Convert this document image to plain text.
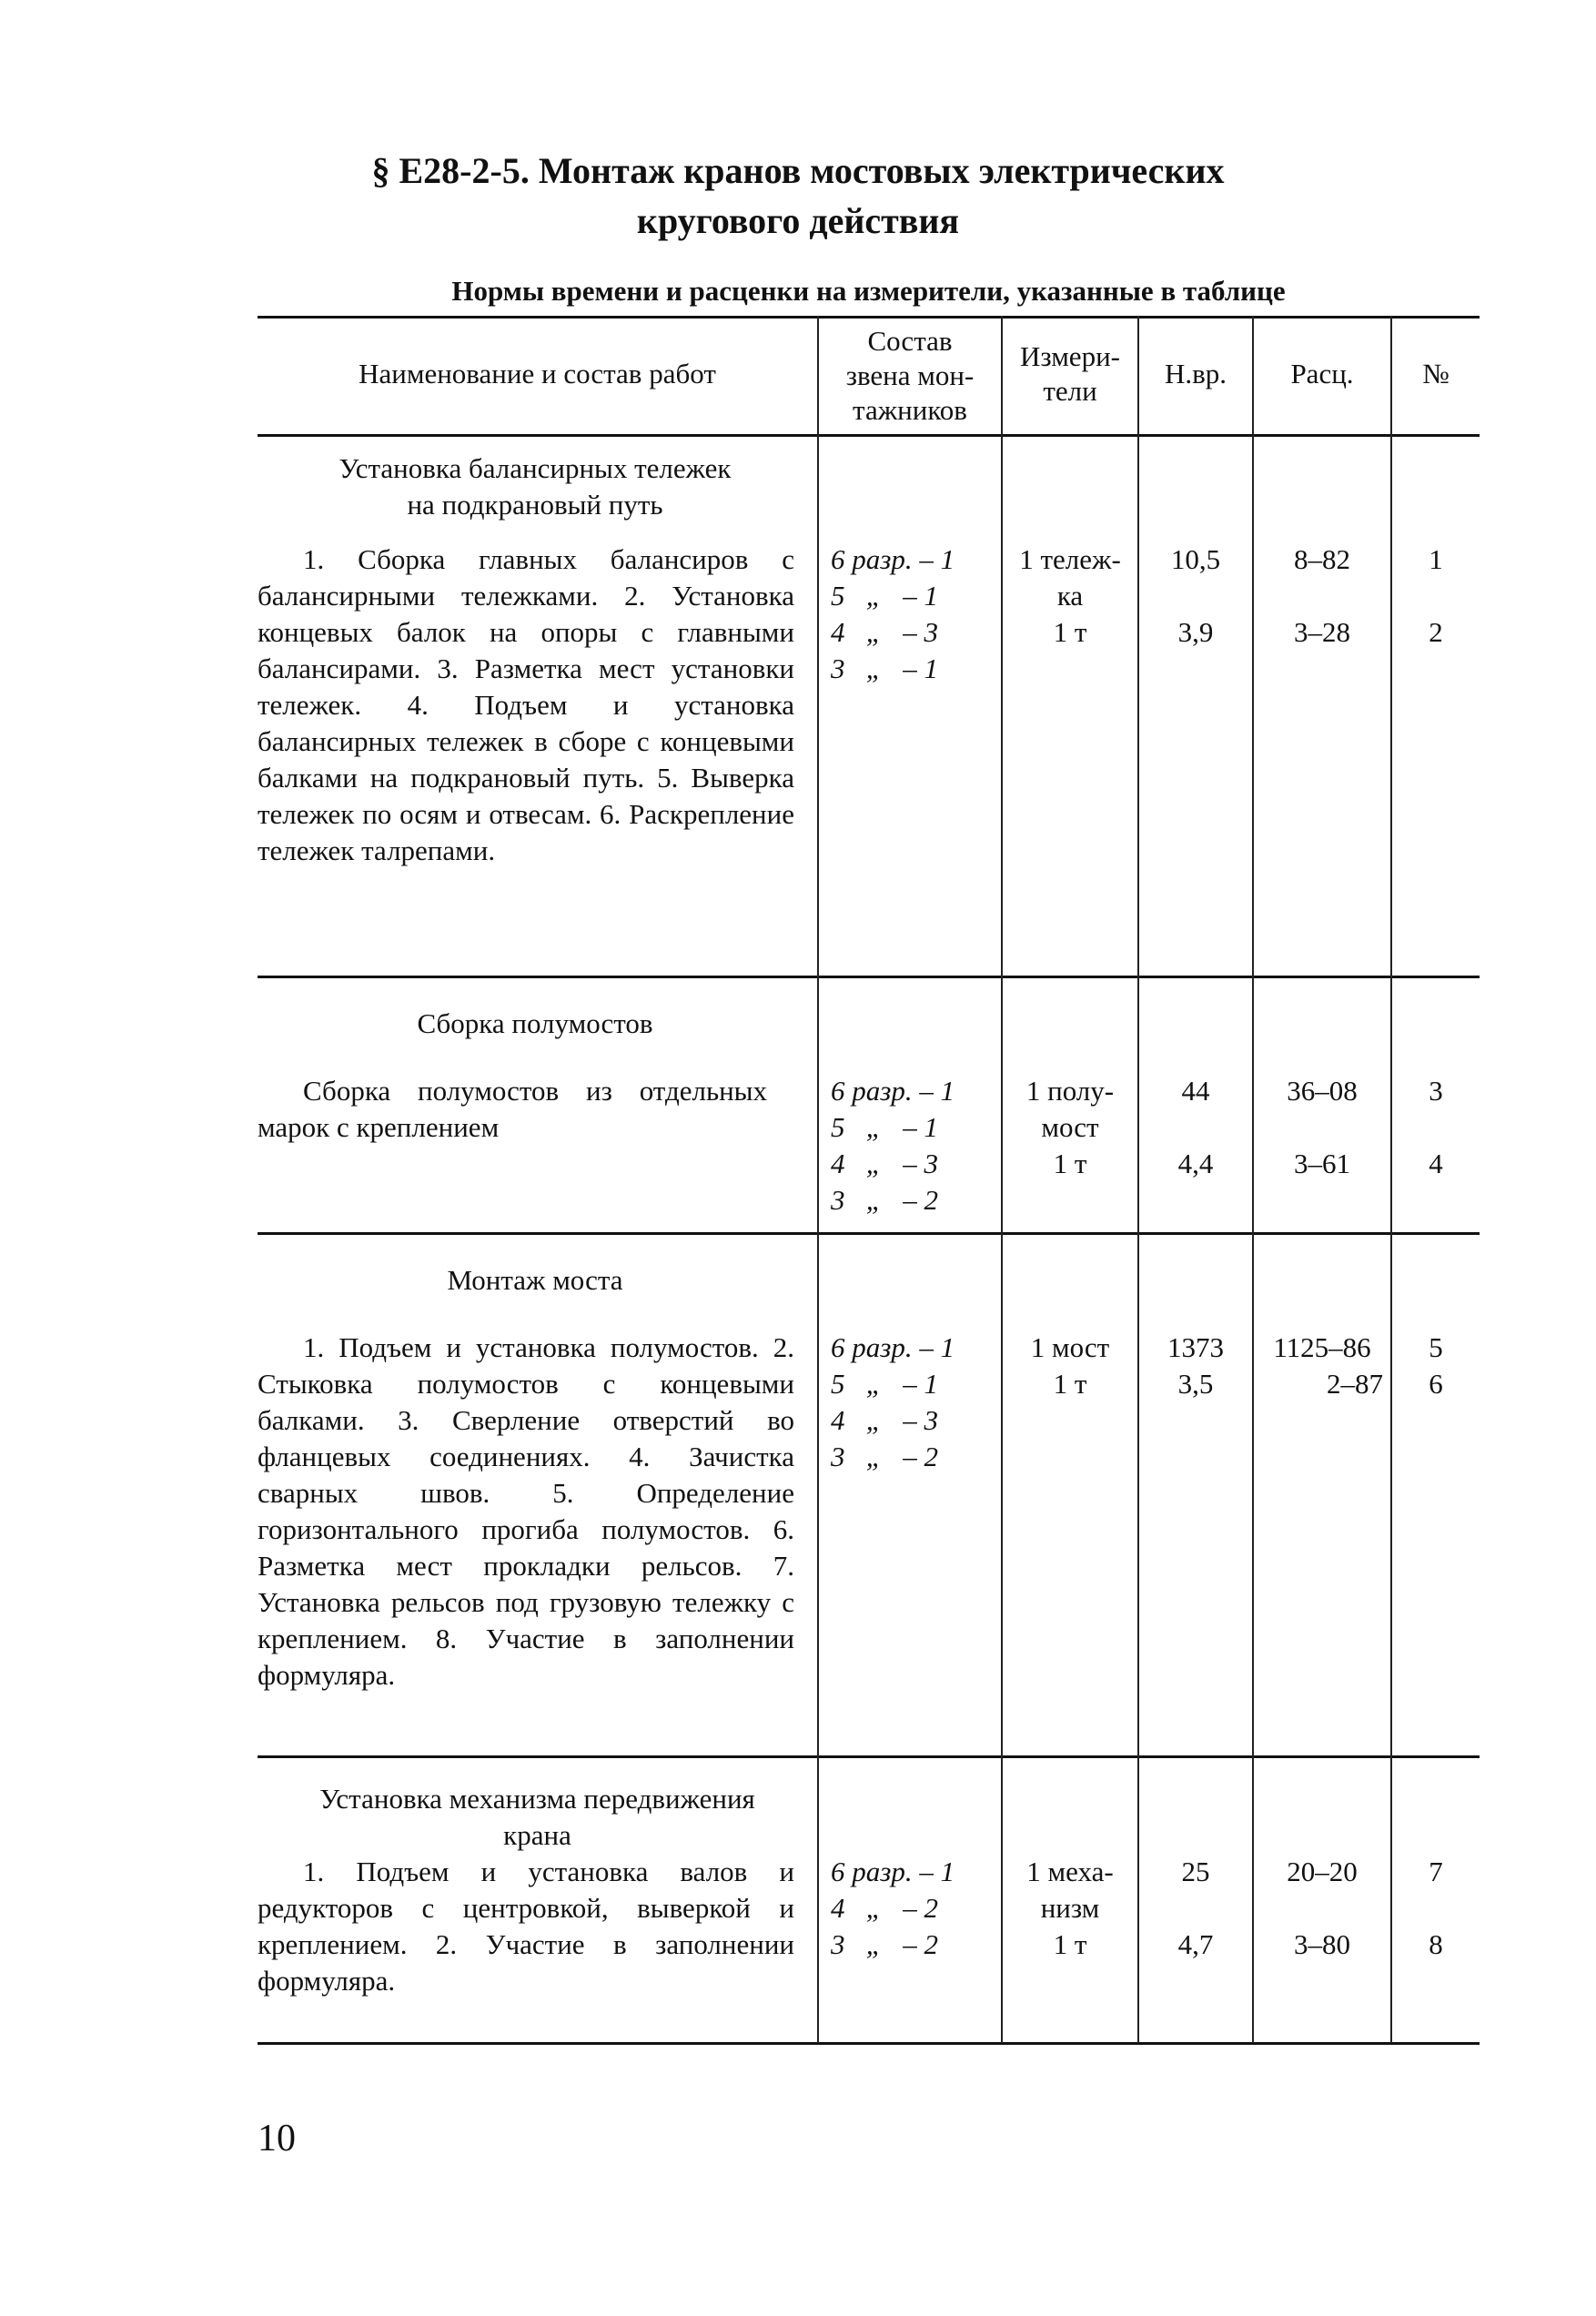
§ Е28-2-5. Монтаж кранов мостовых электрических
кругового действия
Нормы времени и расценки на измерители, указанные в таблице
Наименование и состав работ
Состав
звена мон-
тажников
Измери-
тели
Н.вр.	Расц.	№
Установка балансирных тележек
на подкрановый путь
1. Сборка главных балансиров с балансирными тележками. 2. Установка концевых балок на опоры с главными балансирами. 3. Разметка мест установки тележек. 4. Подъем и установка балансирных тележек в сборе с концевыми балками на подкрановый путь. 5. Выверка тележек по осям и отвесам. 6. Раскрепление тележек талрепами.
6 разр. – 1
5   „   – 1
4   „   – 3
3   „   – 1
1 тележ-
ка
1 т
10,5
3,9
8–82
3–28
1
2
Сборка полумостов
Сборка полумостов из отдельных марок с креплением
6 разр. – 1
5   „   – 1
4   „   – 3
3   „   – 2
1 полу-
мост
1 т
44
4,4
36–08
3–61
3
4
Монтаж моста
1. Подъем и установка полумостов. 2. Стыковка полумостов с концевыми балками. 3. Сверление отверстий во фланцевых соединениях. 4. Зачистка сварных швов. 5. Определение горизонтального прогиба полумостов. 6. Разметка мест прокладки рельсов. 7. Установка рельсов под грузовую тележку с креплением. 8. Участие в заполнении формуляра.
6 разр. – 1
5   „   – 1
4   „   – 3
3   „   – 2
1 мост
1 т
1373
3,5
1125–86
2–87
5
6
Установка механизма передвижения
крана
1. Подъем и установка валов и редукторов с центровкой, выверкой и креплением. 2. Участие в заполнении формуляра.
6 разр. – 1
4   „   – 2
3   „   – 2
1 меха-
низм
1 т
25
4,7
20–20
3–80
7
8
10
